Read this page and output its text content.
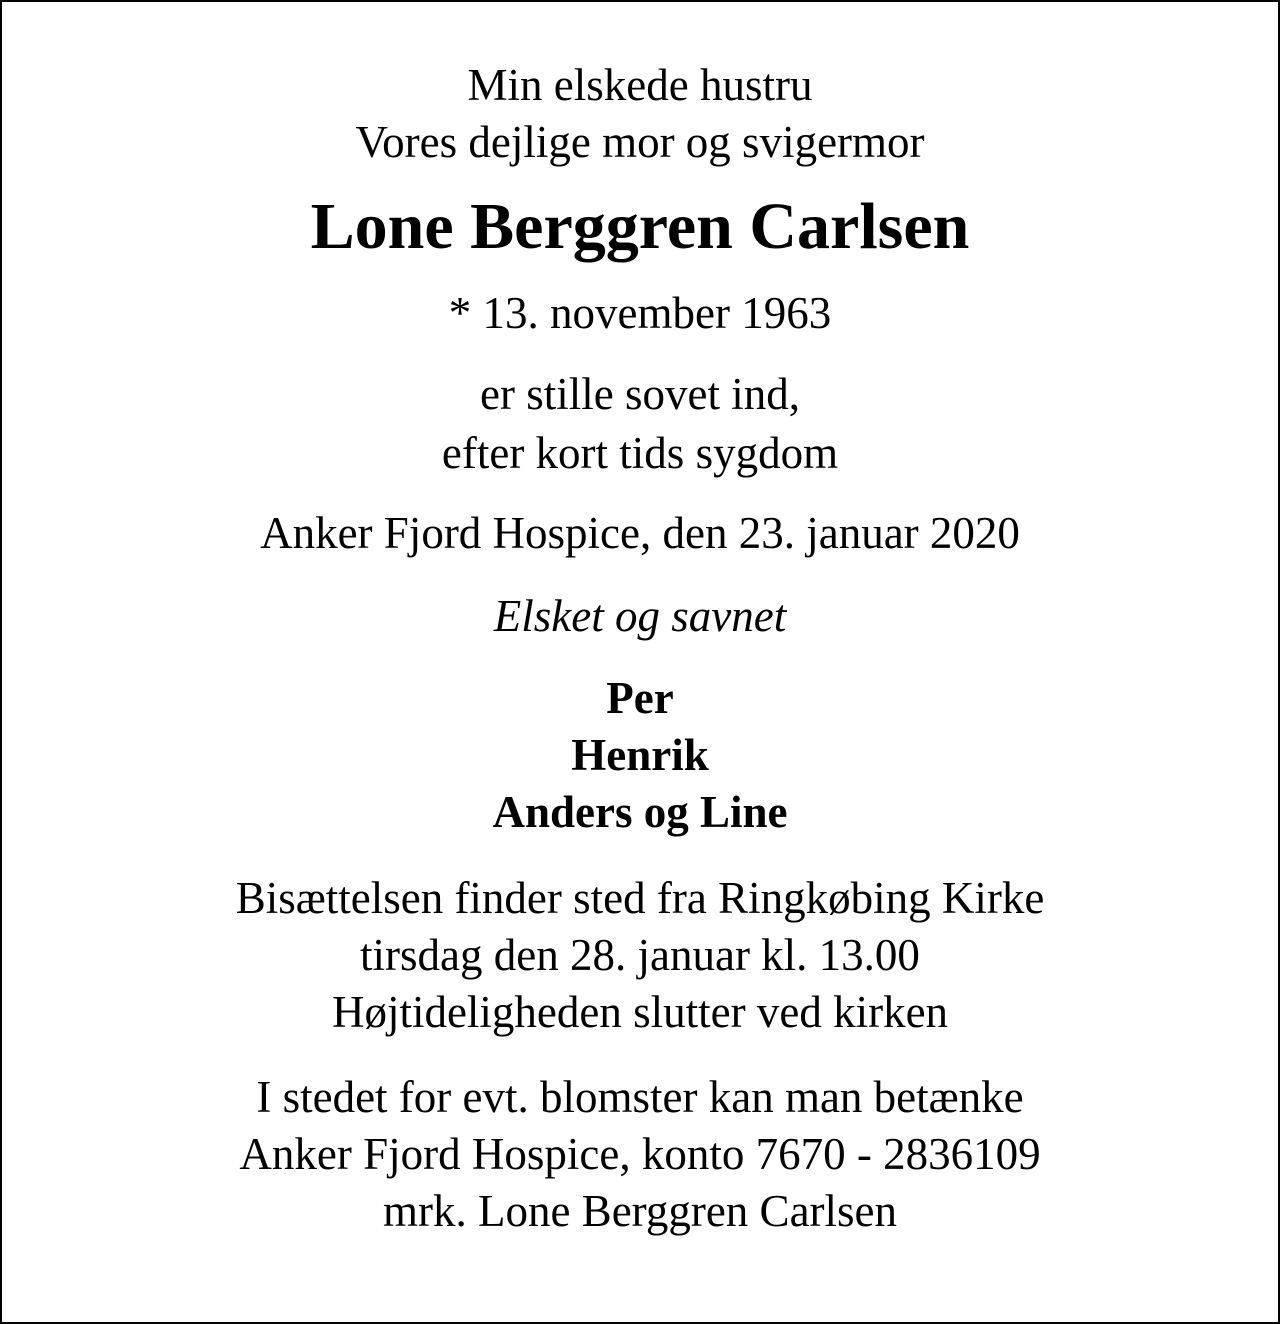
Min elskede hustru
Vores dejlige mor og svigermor
Lone Berggren Carlsen
* 13. november 1963
er stille sovet ind,
efter kort tids sygdom
Anker Fjord Hospice, den 23. januar 2020
Elsket og savnet
Per
Henrik
Anders og Line
Bisættelsen finder sted fra Ringkøbing Kirke
tirsdag den 28. januar kl. 13.00
Højtideligheden slutter ved kirken
I stedet for evt. blomster kan man betænke
Anker Fjord Hospice, konto 7670 - 2836109
mrk. Lone Berggren Carlsen
